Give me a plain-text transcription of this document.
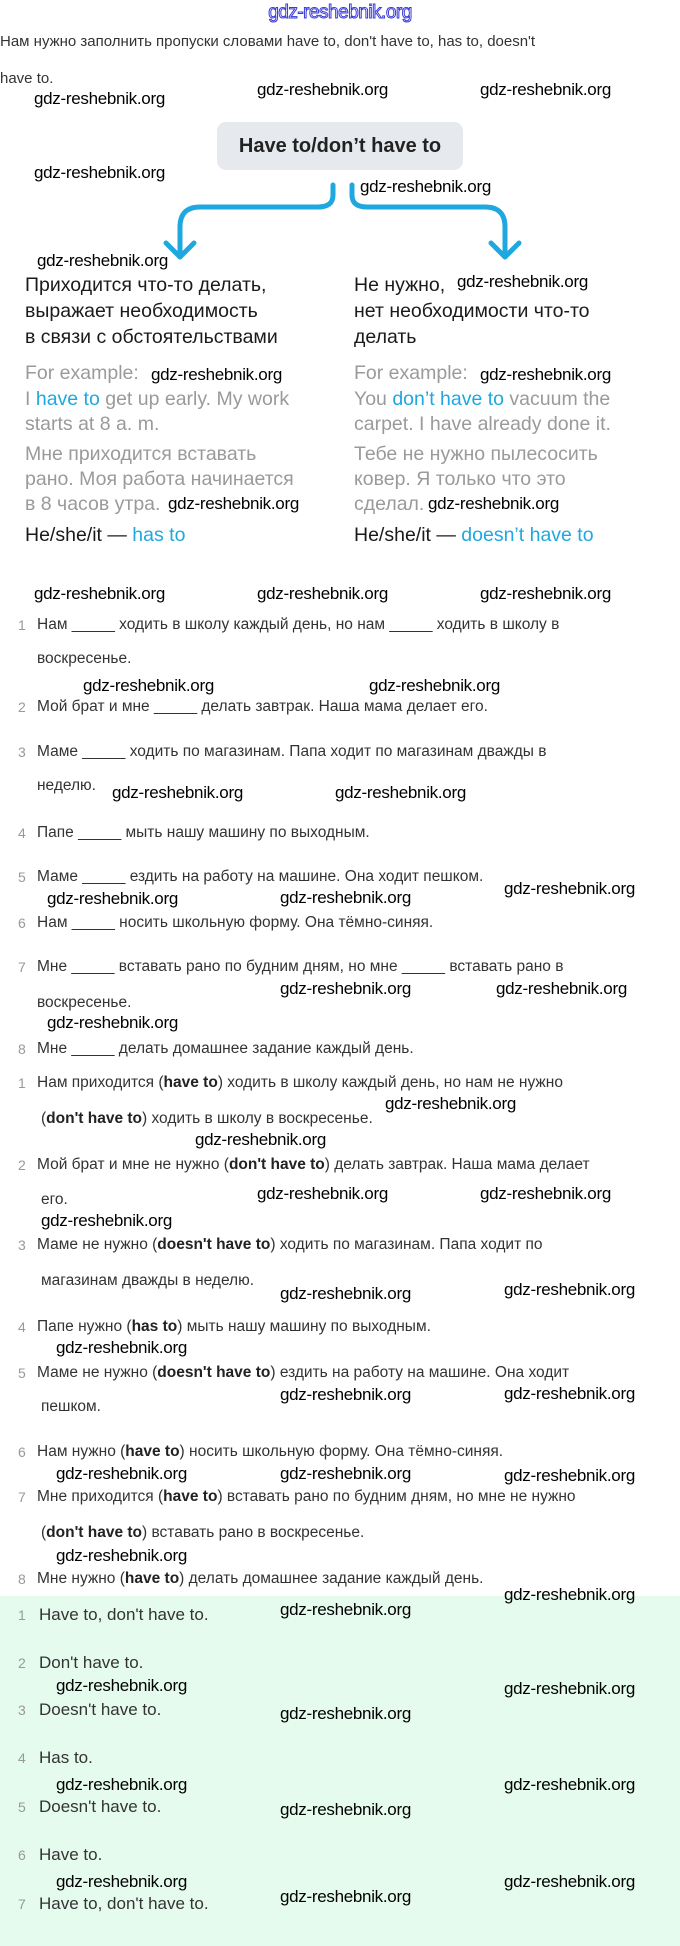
gdz-reshebnik.org
Нам нужно заполнить пропуски словами have to, don't have to, has to, doesn't
have to.
Have to/don’t have to
Приходится что-то делать,
выражает необходимость
в связи с обстоятельствами
For example:
I have to get up early. My work
starts at 8 a. m.
Мне приходится вставать
рано. Моя работа начинается
в 8 часов утра.
He/she/it — has to
Не нужно,
нет необходимости что-то
делать
For example:
You don’t have to vacuum the
carpet. I have already done it.
Тебе не нужно пылесосить
ковер. Я только что это
сделал.
He/she/it — doesn’t have to
1 Нам _____ ходить в школу каждый день, но нам _____ ходить в школу в
воскресенье.
2 Мой брат и мне _____ делать завтрак. Наша мама делает его.
3 Маме _____ ходить по магазинам. Папа ходит по магазинам дважды в
неделю.
4 Папе _____ мыть нашу машину по выходным.
5 Маме _____ ездить на работу на машине. Она ходит пешком.
6 Нам _____ носить школьную форму. Она тёмно-синяя.
7 Мне _____ вставать рано по будним дням, но мне _____ вставать рано в
воскресенье.
8 Мне _____ делать домашнее задание каждый день.
1 Нам приходится (have to) ходить в школу каждый день, но нам не нужно
(don't have to) ходить в школу в воскресенье.
2 Мой брат и мне не нужно (don't have to) делать завтрак. Наша мама делает
его.
3 Маме не нужно (doesn't have to) ходить по магазинам. Папа ходит по
магазинам дважды в неделю.
4 Папе нужно (has to) мыть нашу машину по выходным.
5 Маме не нужно (doesn't have to) ездить на работу на машине. Она ходит
пешком.
6 Нам нужно (have to) носить школьную форму. Она тёмно-синяя.
7 Мне приходится (have to) вставать рано по будним дням, но мне не нужно
(don't have to) вставать рано в воскресенье.
8 Мне нужно (have to) делать домашнее задание каждый день.
1 Have to, don't have to.
2 Don't have to.
3 Doesn't have to.
4 Has to.
5 Doesn't have to.
6 Have to.
7 Have to, don't have to.
gdz-reshebnik.org	gdz-reshebnik.org	gdz-reshebnik.org
gdz-reshebnik.org
gdz-reshebnik.org
gdz-reshebnik.org
gdz-reshebnik.org
gdz-reshebnik.org	gdz-reshebnik.org
gdz-reshebnik.org	gdz-reshebnik.org
gdz-reshebnik.org	gdz-reshebnik.org	gdz-reshebnik.org
gdz-reshebnik.org	gdz-reshebnik.org
gdz-reshebnik.org	gdz-reshebnik.org
gdz-reshebnik.org	gdz-reshebnik.org	gdz-reshebnik.org
gdz-reshebnik.org
gdz-reshebnik.org	gdz-reshebnik.org
gdz-reshebnik.org
gdz-reshebnik.org
gdz-reshebnik.org	gdz-reshebnik.org
gdz-reshebnik.org
gdz-reshebnik.org	gdz-reshebnik.org
gdz-reshebnik.org
gdz-reshebnik.org	gdz-reshebnik.org
gdz-reshebnik.org	gdz-reshebnik.org
gdz-reshebnik.org
gdz-reshebnik.org
gdz-reshebnik.org
gdz-reshebnik.org
gdz-reshebnik.org	gdz-reshebnik.org
gdz-reshebnik.org
gdz-reshebnik.org	gdz-reshebnik.org
gdz-reshebnik.org
gdz-reshebnik.org	gdz-reshebnik.org
gdz-reshebnik.org
